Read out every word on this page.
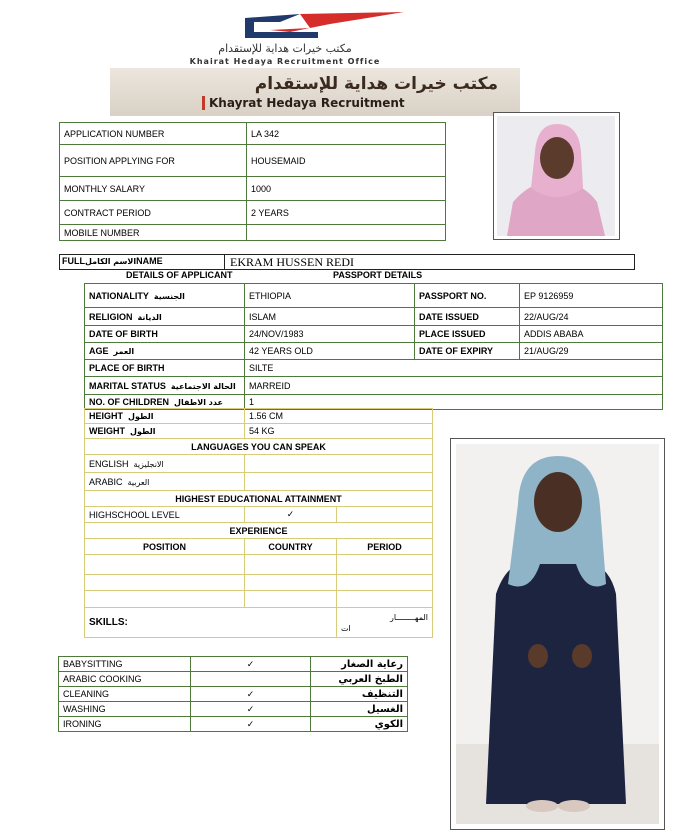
مكتب خيرات هداية للإستقدام
Khairat Hedaya Recruitment Office
مكتب خيرات هداية للإستقدام
Khayrat Hedaya Recruitment
APPLICATION NUMBER	LA 342
POSITION APPLYING FOR	HOUSEMAID
MONTHLY SALARY	1000
CONTRACT PERIOD	2 YEARS
MOBILE NUMBER	
FULLالاسم الكاملNAME	EKRAM HUSSEN REDI
DETAILS OF APPLICANT	PASSPORT DETAILS
NATIONALITY الجنسية	ETHIOPIA	PASSPORT NO.	EP 9126959
RELIGION الديانة	ISLAM	DATE ISSUED	22/AUG/24
DATE OF BIRTH	24/NOV/1983	PLACE ISSUED	ADDIS ABABA
AGE العمر	42 YEARS OLD	DATE OF EXPIRY	21/AUG/29
PLACE OF BIRTH	SILTE		
MARITAL STATUS الحالة الاجتماعية	MARREID		
NO. OF CHILDREN عدد الاطفال	1		
HEIGHT الطول	1.56 CM	
WEIGHT الطول	54 KG	
LANGUAGES YOU CAN SPEAK		
ENGLISH الانجليزية		
ARABIC العربية		
HIGHEST EDUCATIONAL ATTAINMENT		
HIGHSCHOOL LEVEL	✓	
EXPERIENCE		
POSITION	COUNTRY	PERIOD

SKILLS:		المهــــــــار
ات
BABYSITTING	✓	رعاية الصغار
ARABIC COOKING		الطبخ العربي
CLEANING	✓	التنظيف
WASHING	✓	الغسيل
IRONING	✓	الكوي
